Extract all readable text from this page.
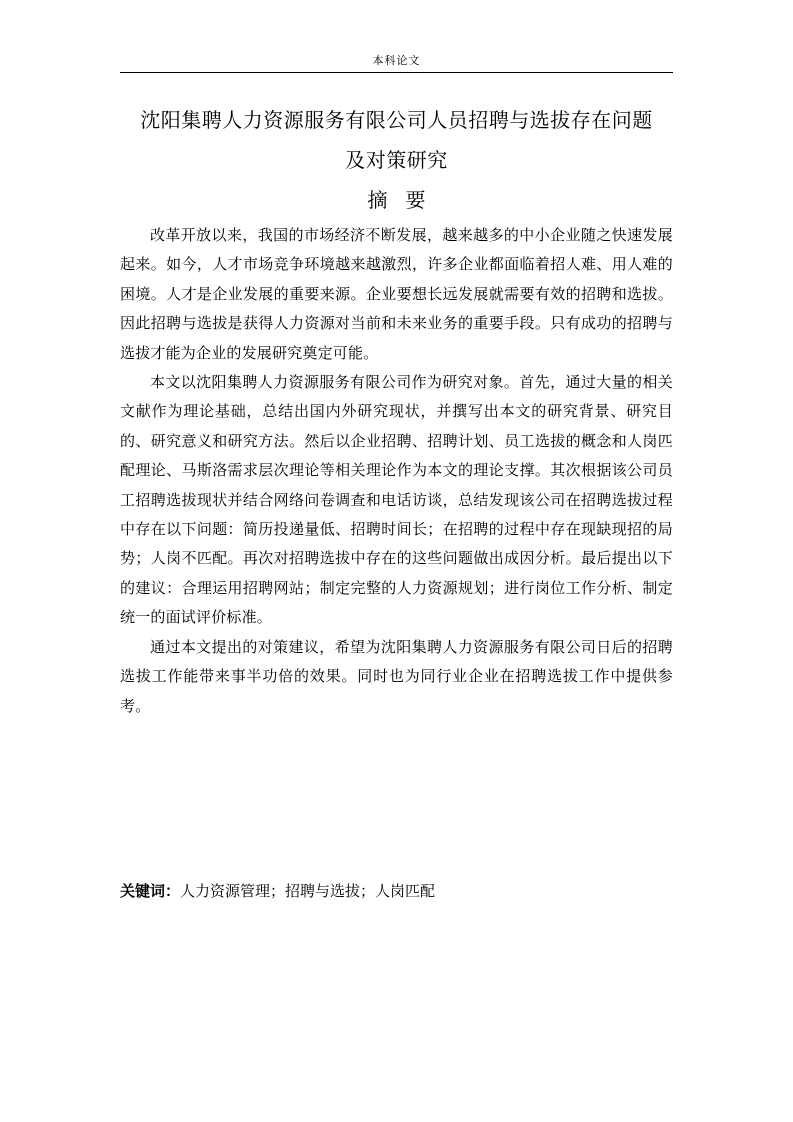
本科论文
沈阳集聘人力资源服务有限公司人员招聘与选拔存在问题
及对策研究
摘要

改革开放以来，我国的市场经济不断发展，越来越多的中小企业随之快速发展起来。如今，人才市场竞争环境越来越激烈，许多企业都面临着招人难、用人难的困境。人才是企业发展的重要来源。企业要想长远发展就需要有效的招聘和选拔。因此招聘与选拔是获得人力资源对当前和未来业务的重要手段。只有成功的招聘与选拔才能为企业的发展研究奠定可能。

本文以沈阳集聘人力资源服务有限公司作为研究对象。首先，通过大量的相关文献作为理论基础，总结出国内外研究现状，并撰写出本文的研究背景、研究目的、研究意义和研究方法。然后以企业招聘、招聘计划、员工选拔的概念和人岗匹配理论、马斯洛需求层次理论等相关理论作为本文的理论支撑。其次根据该公司员工招聘选拔现状并结合网络问卷调查和电话访谈，总结发现该公司在招聘选拔过程中存在以下问题：简历投递量低、招聘时间长；在招聘的过程中存在现缺现招的局势；人岗不匹配。再次对招聘选拔中存在的这些问题做出成因分析。最后提出以下的建议：合理运用招聘网站；制定完整的人力资源规划；进行岗位工作分析、制定统一的面试评价标准。

通过本文提出的对策建议，希望为沈阳集聘人力资源服务有限公司日后的招聘选拔工作能带来事半功倍的效果。同时也为同行业企业在招聘选拔工作中提供参考。

关键词：人力资源管理；招聘与选拔；人岗匹配
